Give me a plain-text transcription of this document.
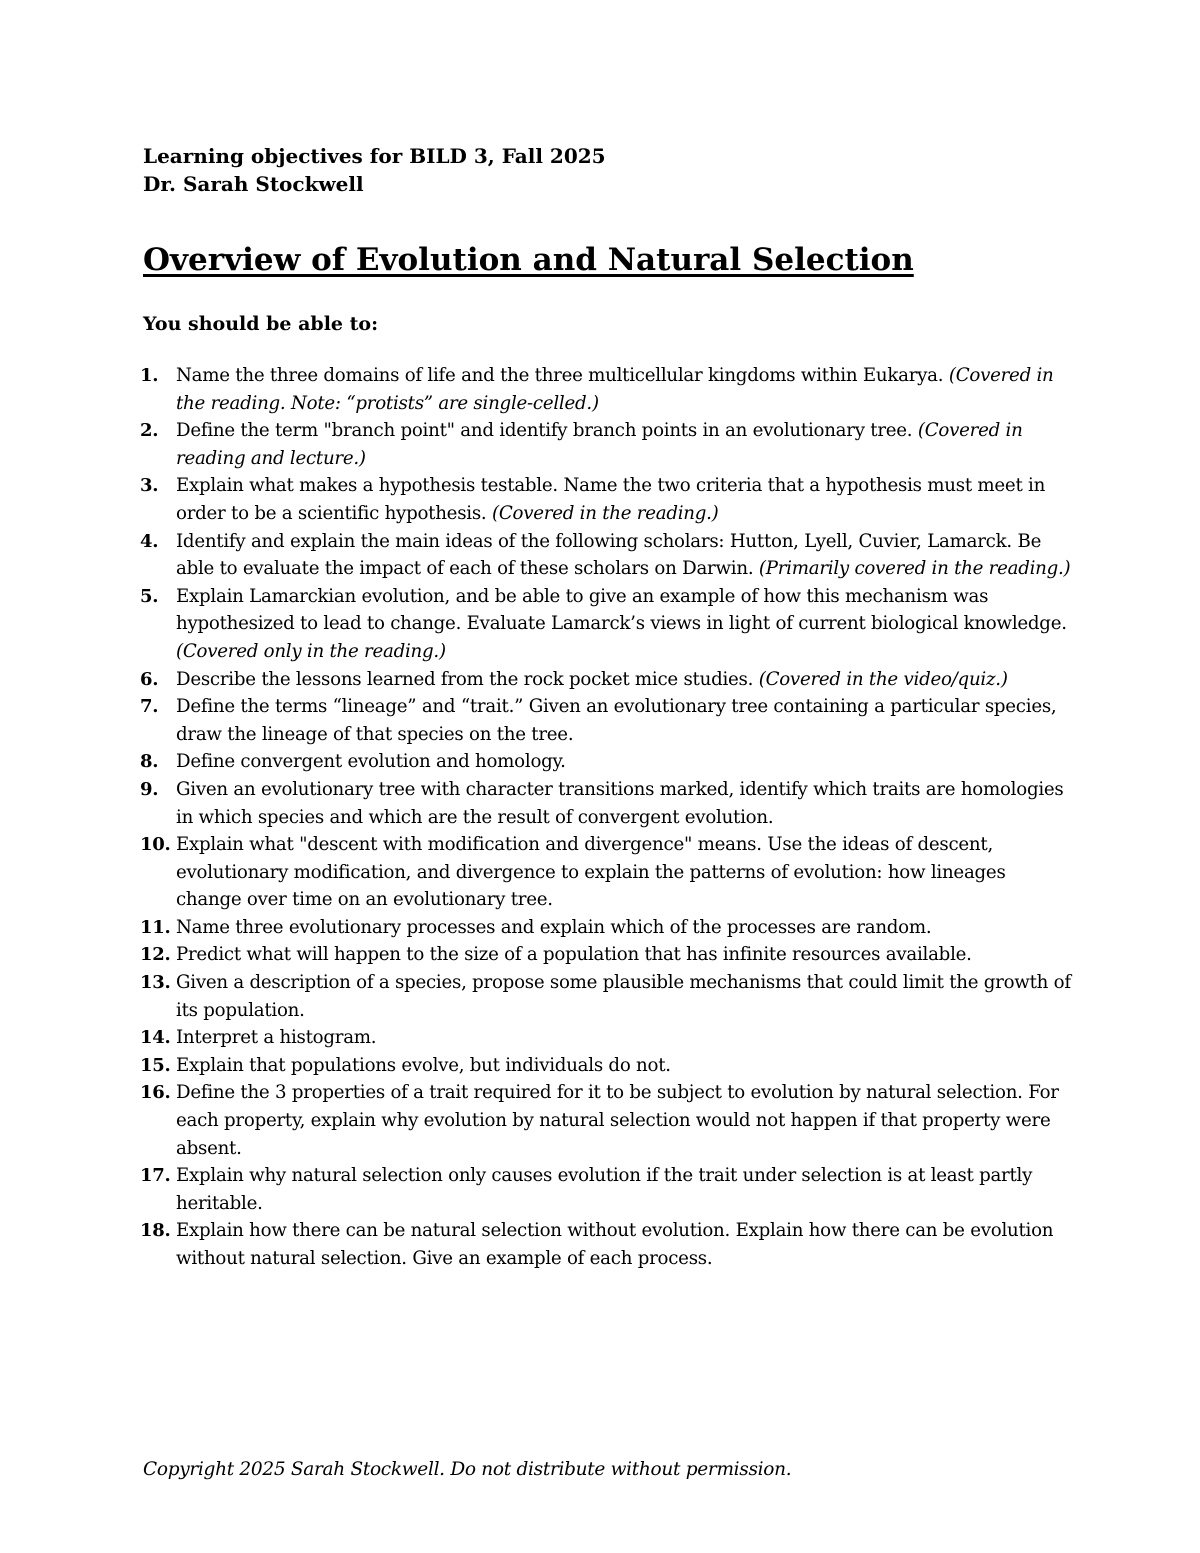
Learning objectives for BILD 3, Fall 2025
Dr. Sarah Stockwell
Overview of Evolution and Natural Selection
You should be able to:
1. Name the three domains of life and the three multicellular kingdoms within Eukarya. (Covered in the reading. Note: “protists” are single-celled.)
2. Define the term "branch point" and identify branch points in an evolutionary tree. (Covered in reading and lecture.)
3. Explain what makes a hypothesis testable. Name the two criteria that a hypothesis must meet in order to be a scientific hypothesis. (Covered in the reading.)
4. Identify and explain the main ideas of the following scholars: Hutton, Lyell, Cuvier, Lamarck. Be able to evaluate the impact of each of these scholars on Darwin. (Primarily covered in the reading.)
5. Explain Lamarckian evolution, and be able to give an example of how this mechanism was hypothesized to lead to change. Evaluate Lamarck’s views in light of current biological knowledge. (Covered only in the reading.)
6. Describe the lessons learned from the rock pocket mice studies. (Covered in the video/quiz.)
7. Define the terms “lineage” and “trait.” Given an evolutionary tree containing a particular species, draw the lineage of that species on the tree.
8. Define convergent evolution and homology.
9. Given an evolutionary tree with character transitions marked, identify which traits are homologies in which species and which are the result of convergent evolution.
10. Explain what "descent with modification and divergence" means. Use the ideas of descent, evolutionary modification, and divergence to explain the patterns of evolution: how lineages change over time on an evolutionary tree.
11. Name three evolutionary processes and explain which of the processes are random.
12. Predict what will happen to the size of a population that has infinite resources available.
13. Given a description of a species, propose some plausible mechanisms that could limit the growth of its population.
14. Interpret a histogram.
15. Explain that populations evolve, but individuals do not.
16. Define the 3 properties of a trait required for it to be subject to evolution by natural selection. For each property, explain why evolution by natural selection would not happen if that property were absent.
17. Explain why natural selection only causes evolution if the trait under selection is at least partly heritable.
18. Explain how there can be natural selection without evolution. Explain how there can be evolution without natural selection. Give an example of each process.
Copyright 2025 Sarah Stockwell. Do not distribute without permission.
